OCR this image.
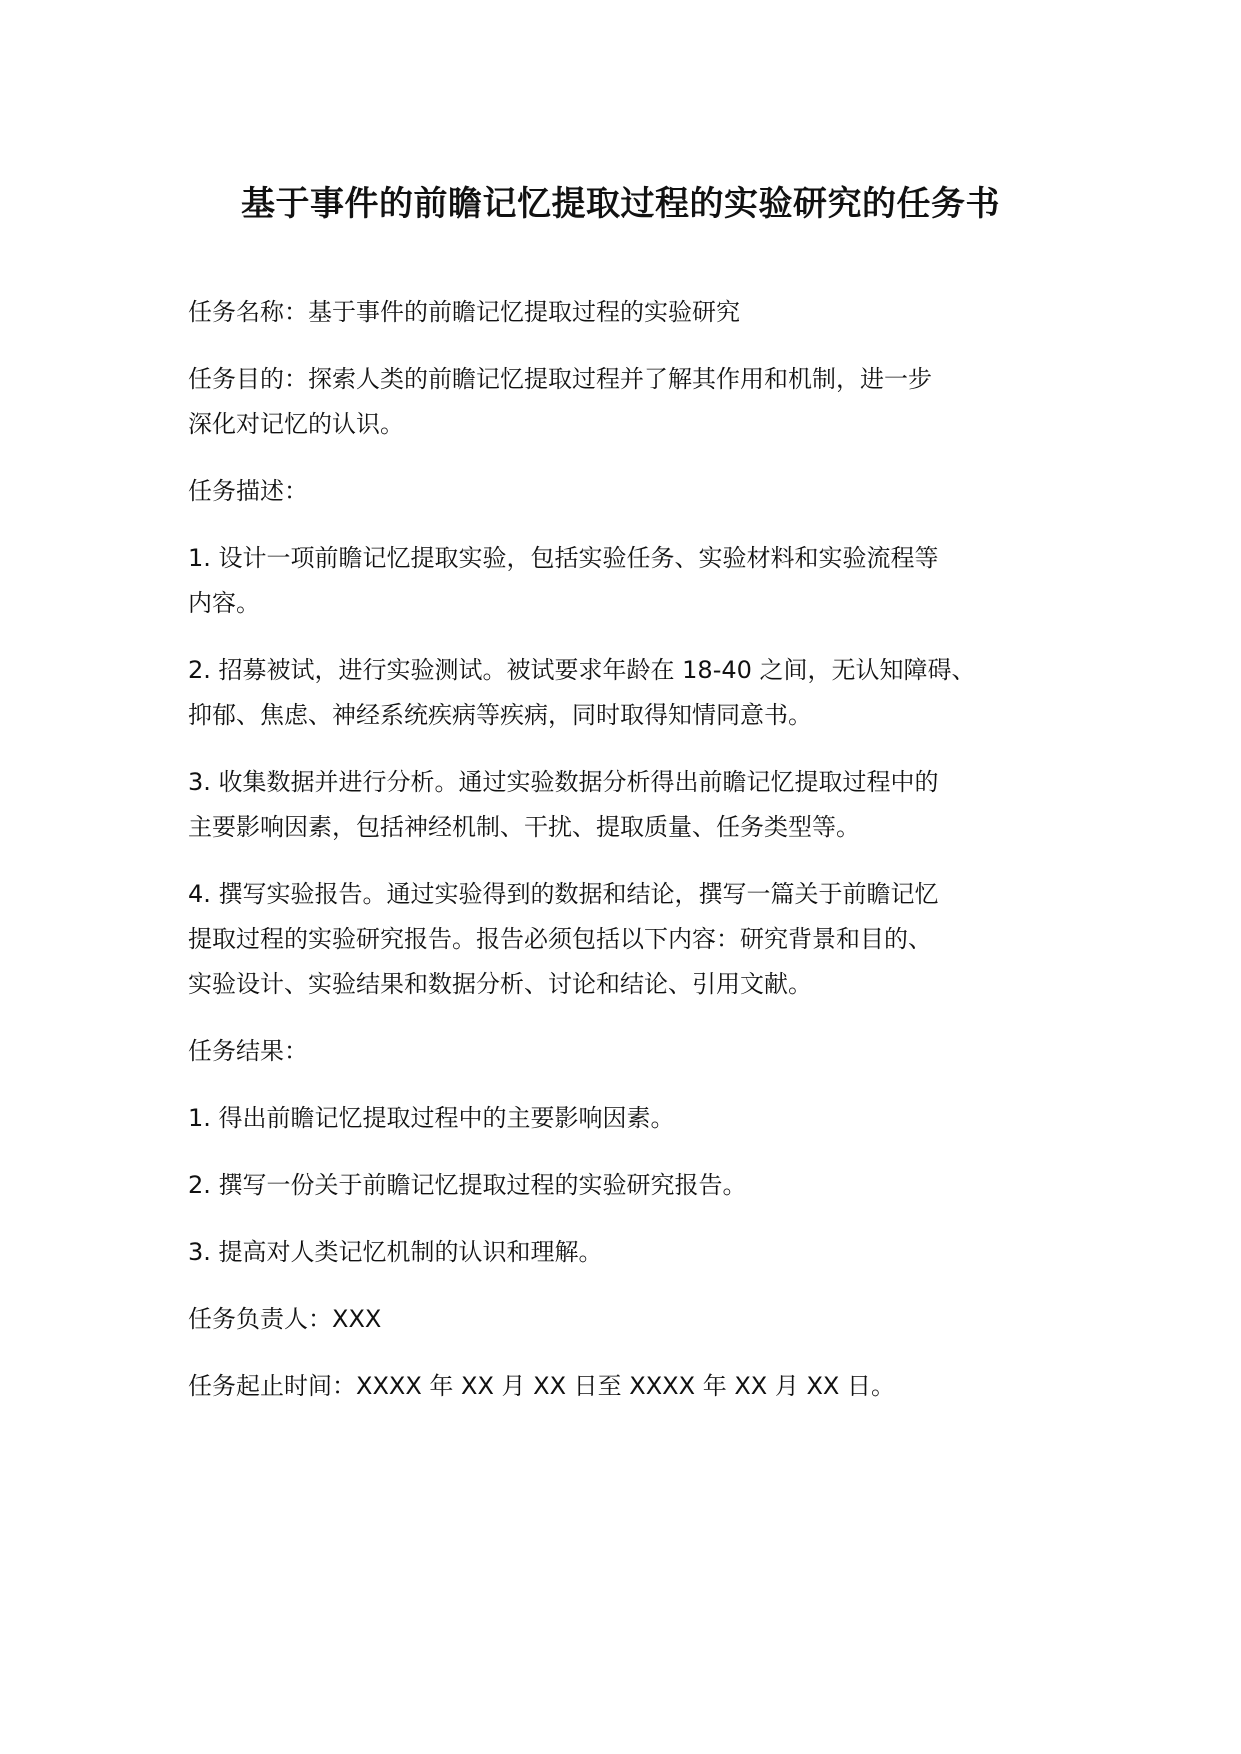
基于事件的前瞻记忆提取过程的实验研究的任务书

任务名称：基于事件的前瞻记忆提取过程的实验研究

任务目的：探索人类的前瞻记忆提取过程并了解其作用和机制，进一步
深化对记忆的认识。

任务描述：

1. 设计一项前瞻记忆提取实验，包括实验任务、实验材料和实验流程等
内容。

2. 招募被试，进行实验测试。被试要求年龄在 18-40 之间，无认知障碍、
抑郁、焦虑、神经系统疾病等疾病，同时取得知情同意书。

3. 收集数据并进行分析。通过实验数据分析得出前瞻记忆提取过程中的
主要影响因素，包括神经机制、干扰、提取质量、任务类型等。

4. 撰写实验报告。通过实验得到的数据和结论，撰写一篇关于前瞻记忆
提取过程的实验研究报告。报告必须包括以下内容：研究背景和目的、
实验设计、实验结果和数据分析、讨论和结论、引用文献。

任务结果：

1. 得出前瞻记忆提取过程中的主要影响因素。

2. 撰写一份关于前瞻记忆提取过程的实验研究报告。

3. 提高对人类记忆机制的认识和理解。

任务负责人：XXX

任务起止时间：XXXX 年 XX 月 XX 日至 XXXX 年 XX 月 XX 日。
